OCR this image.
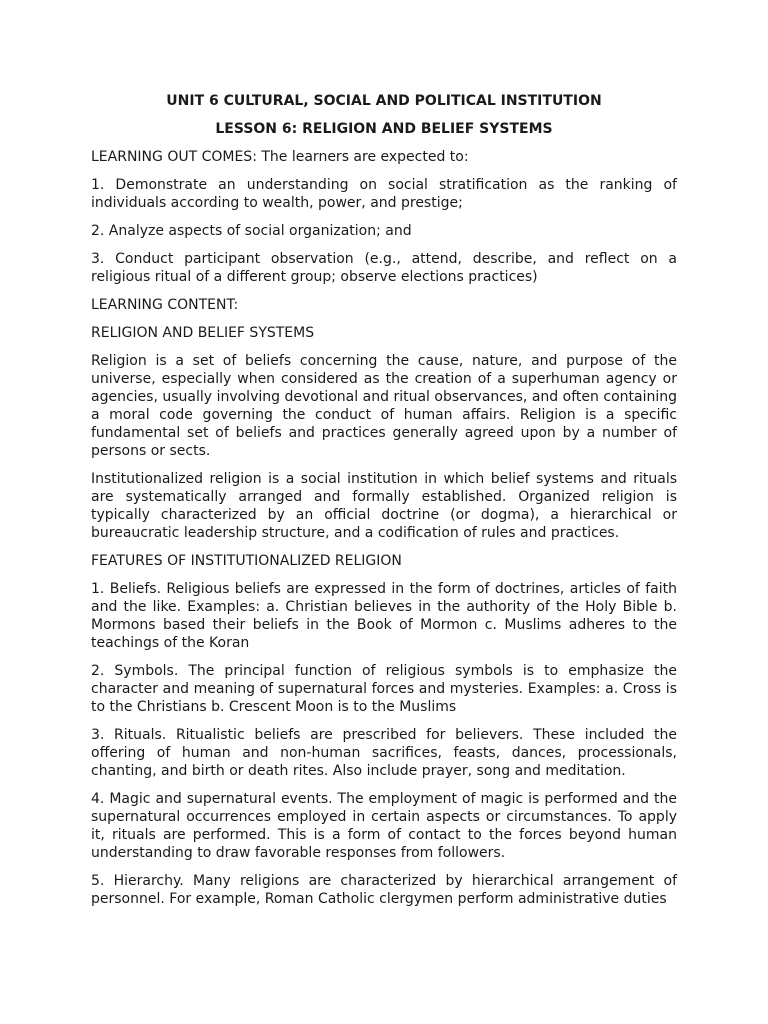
UNIT 6 CULTURAL, SOCIAL AND POLITICAL INSTITUTION
LESSON 6: RELIGION AND BELIEF SYSTEMS
LEARNING OUT COMES: The learners are expected to:
1. Demonstrate an understanding on social stratification as the ranking of individuals according to wealth, power, and prestige;
2. Analyze aspects of social organization; and
3. Conduct participant observation (e.g., attend, describe, and reflect on a religious ritual of a different group; observe elections practices)
LEARNING CONTENT:
RELIGION AND BELIEF SYSTEMS
Religion is a set of beliefs concerning the cause, nature, and purpose of the universe, especially when considered as the creation of a superhuman agency or agencies, usually involving devotional and ritual observances, and often containing a moral code governing the conduct of human affairs. Religion is a specific fundamental set of beliefs and practices generally agreed upon by a number of persons or sects.
Institutionalized religion is a social institution in which belief systems and rituals are systematically arranged and formally established. Organized religion is typically characterized by an official doctrine (or dogma), a hierarchical or bureaucratic leadership structure, and a codification of rules and practices.
FEATURES OF INSTITUTIONALIZED RELIGION
1. Beliefs. Religious beliefs are expressed in the form of doctrines, articles of faith and the like. Examples: a. Christian believes in the authority of the Holy Bible b. Mormons based their beliefs in the Book of Mormon c. Muslims adheres to the teachings of the Koran
2. Symbols. The principal function of religious symbols is to emphasize the character and meaning of supernatural forces and mysteries. Examples: a. Cross is to the Christians b. Crescent Moon is to the Muslims
3. Rituals. Ritualistic beliefs are prescribed for believers. These included the offering of human and non-human sacrifices, feasts, dances, processionals, chanting, and birth or death rites. Also include prayer, song and meditation.
4. Magic and supernatural events. The employment of magic is performed and the supernatural occurrences employed in certain aspects or circumstances. To apply it, rituals are performed. This is a form of contact to the forces beyond human understanding to draw favorable responses from followers.
5. Hierarchy. Many religions are characterized by hierarchical arrangement of personnel. For example, Roman Catholic clergymen perform administrative duties
